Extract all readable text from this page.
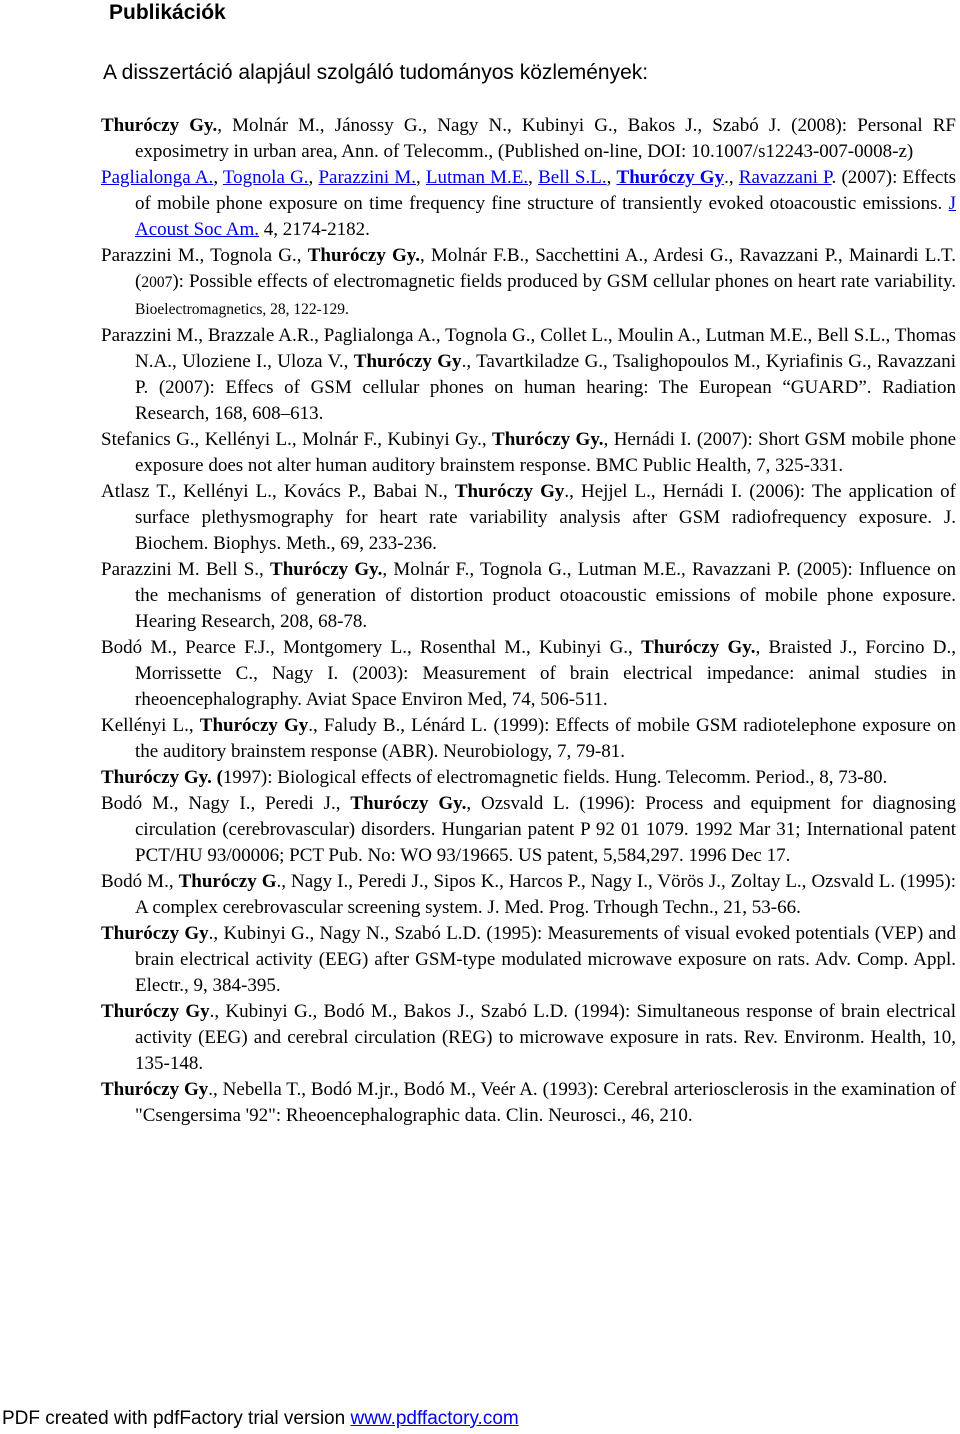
Publikációk
A disszertáció alapjául szolgáló tudományos közlemények:

Thuróczy Gy., Molnár M., Jánossy G., Nagy N., Kubinyi G., Bakos J., Szabó J. (2008): Personal RF exposimetry in urban area, Ann. of Telecomm., (Published on-line, DOI: 10.1007/s12243-007-0008-z)

Paglialonga A., Tognola G., Parazzini M., Lutman M.E., Bell S.L., Thuróczy Gy., Ravazzani P. (2007): Effects of mobile phone exposure on time frequency fine structure of transiently evoked otoacoustic emissions. J Acoust Soc Am. 4, 2174-2182.

Parazzini M., Tognola G., Thuróczy Gy., Molnár F.B., Sacchettini A., Ardesi G., Ravazzani P., Mainardi L.T. (2007): Possible effects of electromagnetic fields produced by GSM cellular phones on heart rate variability. Bioelectromagnetics, 28, 122-129.

Parazzini M., Brazzale A.R., Paglialonga A., Tognola G., Collet L., Moulin A., Lutman M.E., Bell S.L., Thomas N.A., Uloziene I., Uloza V., Thuróczy Gy., Tavartkiladze G., Tsalighopoulos M., Kyriafinis G., Ravazzani P. (2007): Effecs of GSM cellular phones on human hearing: The European “GUARD”. Radiation Research, 168, 608–613.

Stefanics G., Kellényi L., Molnár F., Kubinyi Gy., Thuróczy Gy., Hernádi I. (2007): Short GSM mobile phone exposure does not alter human auditory brainstem response. BMC Public Health, 7, 325-331.

Atlasz T., Kellényi L., Kovács P., Babai N., Thuróczy Gy., Hejjel L., Hernádi I. (2006): The application of surface plethysmography for heart rate variability analysis after GSM radiofrequency exposure. J. Biochem. Biophys. Meth., 69, 233-236.

Parazzini M. Bell S., Thuróczy Gy., Molnár F., Tognola G., Lutman M.E., Ravazzani P. (2005): Influence on the mechanisms of generation of distortion product otoacoustic emissions of mobile phone exposure. Hearing Research, 208, 68-78.

Bodó M., Pearce F.J., Montgomery L., Rosenthal M., Kubinyi G., Thuróczy Gy., Braisted J., Forcino D., Morrissette C., Nagy I. (2003): Measurement of brain electrical impedance: animal studies in rheoencephalography. Aviat Space Environ Med, 74, 506-511.

Kellényi L., Thuróczy Gy., Faludy B., Lénárd L. (1999): Effects of mobile GSM radiotelephone exposure on the auditory brainstem response (ABR). Neurobiology, 7, 79-81.

Thuróczy Gy. (1997): Biological effects of electromagnetic fields. Hung. Telecomm. Period., 8, 73-80.

Bodó M., Nagy I., Peredi J., Thuróczy Gy., Ozsvald L. (1996): Process and equipment for diagnosing circulation (cerebrovascular) disorders. Hungarian patent P 92 01 1079. 1992 Mar 31; International patent PCT/HU 93/00006; PCT Pub. No: WO 93/19665. US patent, 5,584,297. 1996 Dec 17.

Bodó M., Thuróczy G., Nagy I., Peredi J., Sipos K., Harcos P., Nagy I., Vörös J., Zoltay L., Ozsvald L. (1995): A complex cerebrovascular screening system. J. Med. Prog. Trhough Techn., 21, 53-66.

Thuróczy Gy., Kubinyi G., Nagy N., Szabó L.D. (1995): Measurements of visual evoked potentials (VEP) and brain electrical activity (EEG) after GSM-type modulated microwave exposure on rats. Adv. Comp. Appl. Electr., 9, 384-395.

Thuróczy Gy., Kubinyi G., Bodó M., Bakos J., Szabó L.D. (1994): Simultaneous response of brain electrical activity (EEG) and cerebral circulation (REG) to microwave exposure in rats. Rev. Environm. Health, 10, 135-148.

Thuróczy Gy., Nebella T., Bodó M.jr., Bodó M., Veér A. (1993): Cerebral arteriosclerosis in the examination of "Csengersima '92": Rheoencephalographic data. Clin. Neurosci., 46, 210.

PDF created with pdfFactory trial version www.pdffactory.com
